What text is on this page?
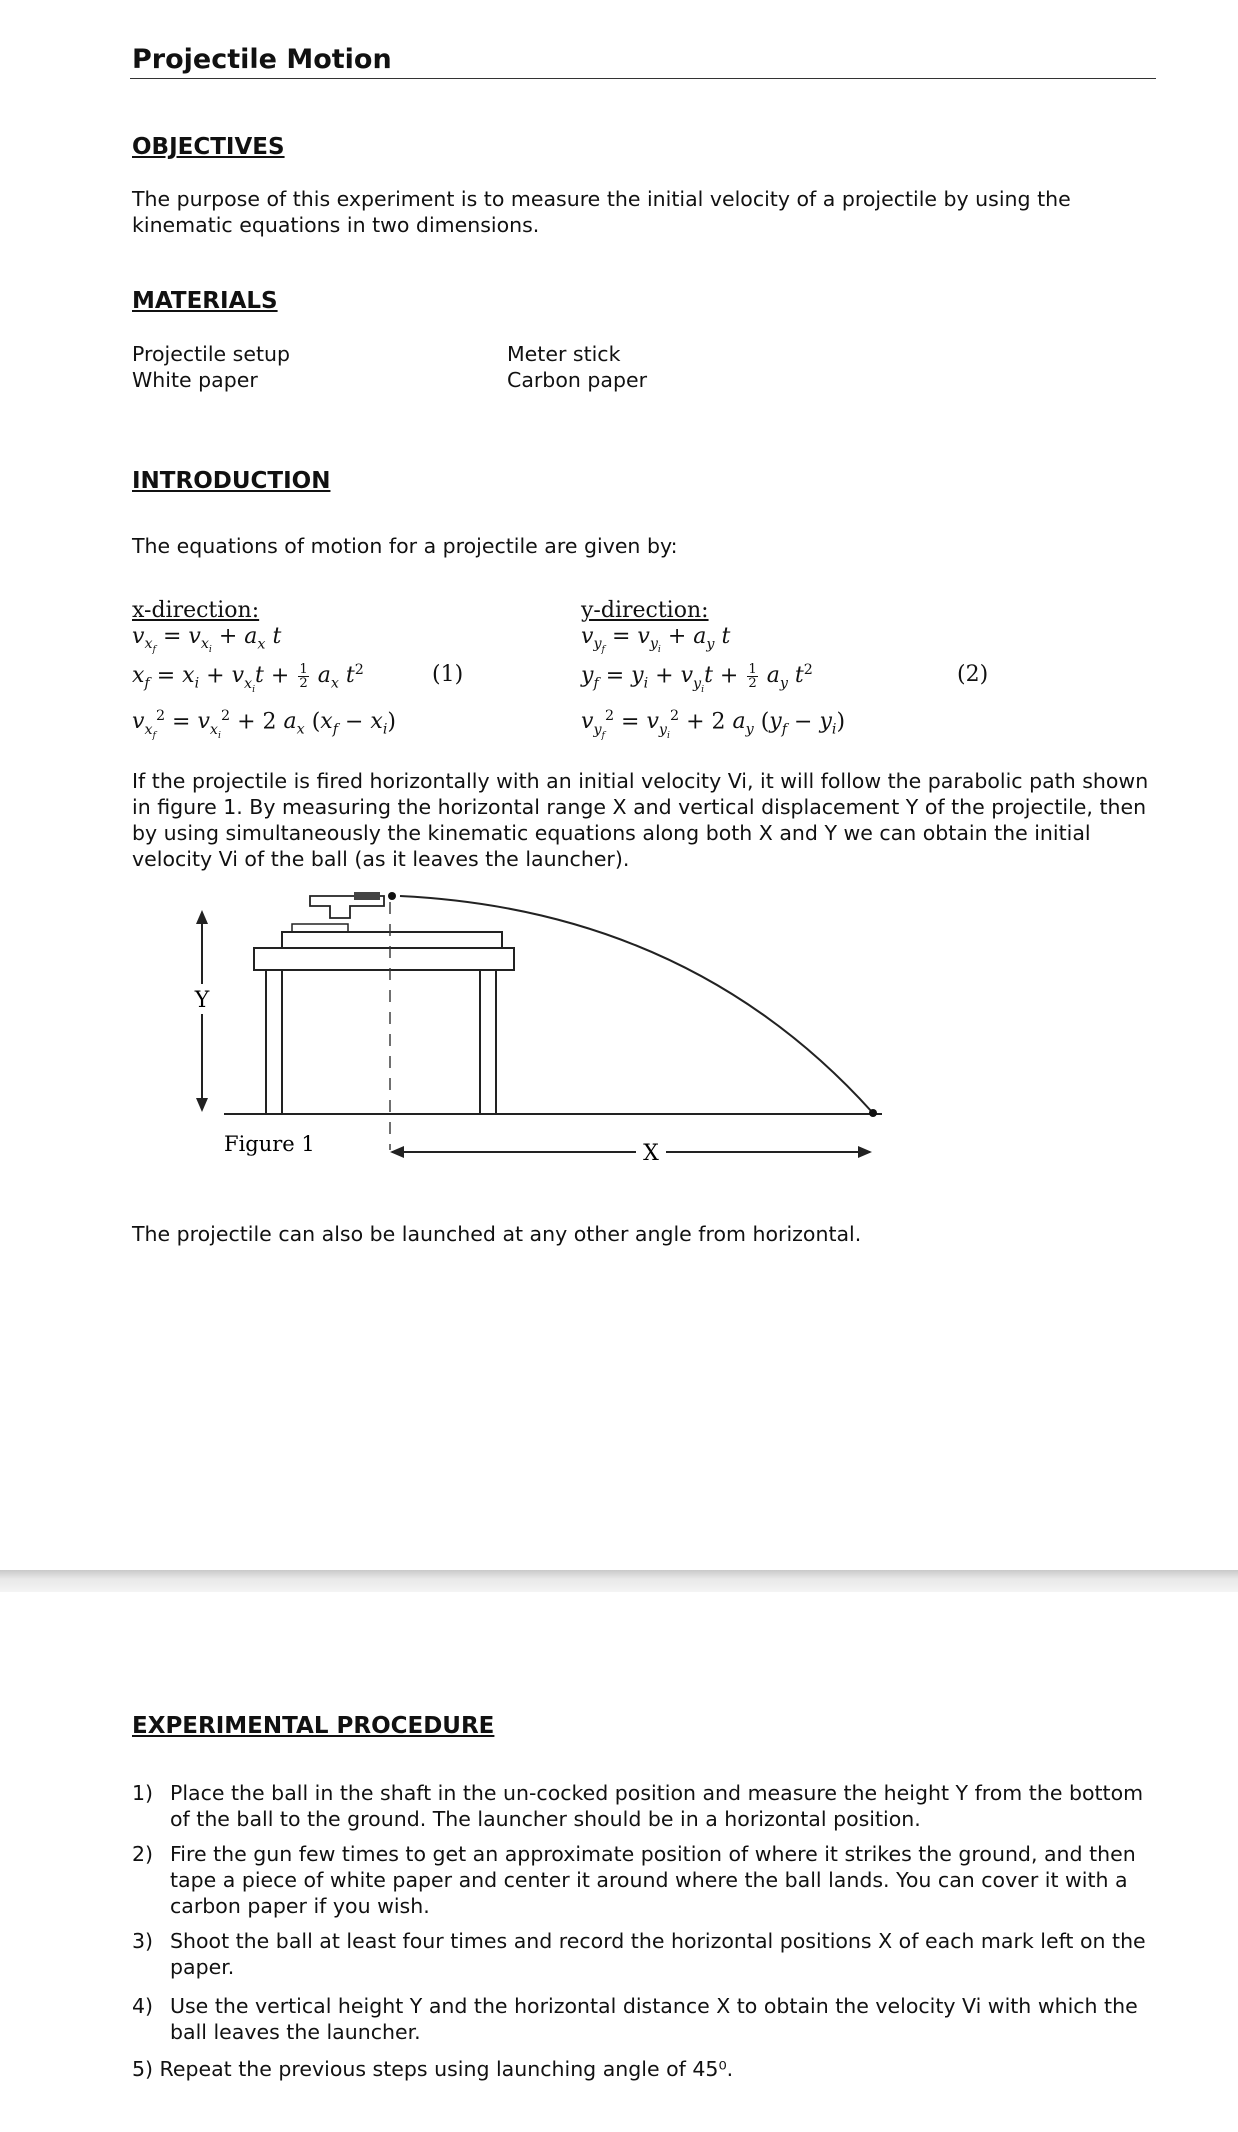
Projectile Motion
OBJECTIVES
The purpose of this experiment is to measure the initial velocity of a projectile by using the kinematic equations in two dimensions.
MATERIALS
Projectile setup
White paper
Meter stick
Carbon paper
INTRODUCTION
The equations of motion for a projectile are given by:
x-direction:
$v_{x_f} = v_{x_i} + a_x$ t
$x_f = x_i + v_{x_i}t + \frac{1}{2} a_x$ $t^2$	(1)
$v_{x_f}^2 = v_{x_i}^2 + 2$ $a_x$ $(x_f - x_i)$
y-direction:
$v_{y_f} = v_{y_i} + a_y$ t
$y_f = y_i + v_{y_i}t + \frac{1}{2} a_y$ $t^2$	(2)
$v_{y_f}^2 = v_{y_i}^2 + 2$ $a_y$ $(y_f - y_i)$
If the projectile is fired horizontally with an initial velocity Vi, it will follow the parabolic path shown in figure 1. By measuring the horizontal range X and vertical displacement Y of the projectile, then by using simultaneously the kinematic equations along both X and Y we can obtain the initial velocity Vi of the ball (as it leaves the launcher).
Y
X
Figure 1
The projectile can also be launched at any other angle from horizontal.
EXPERIMENTAL PROCEDURE
1) Place the ball in the shaft in the un-cocked position and measure the height Y from the bottom of the ball to the ground. The launcher should be in a horizontal position.
2) Fire the gun few times to get an approximate position of where it strikes the ground, and then tape a piece of white paper and center it around where the ball lands. You can cover it with a carbon paper if you wish.
3) Shoot the ball at least four times and record the horizontal positions X of each mark left on the paper.
4) Use the vertical height Y and the horizontal distance X to obtain the velocity Vi with which the ball leaves the launcher.
5) Repeat the previous steps using launching angle of 45⁰.
